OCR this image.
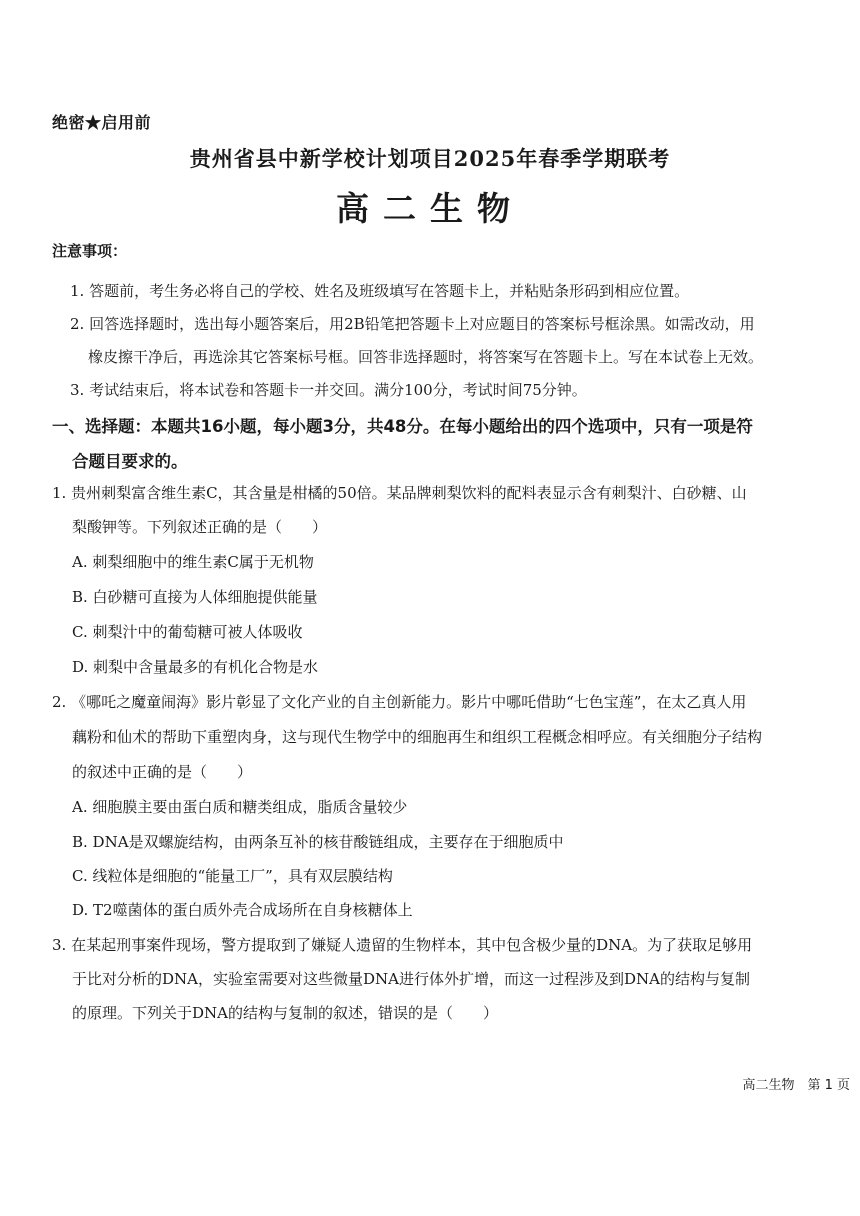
绝密★启用前
贵州省县中新学校计划项目2025年春季学期联考
高二生物
注意事项：
1. 答题前，考生务必将自己的学校、姓名及班级填写在答题卡上，并粘贴条形码到相应位置。
2. 回答选择题时，选出每小题答案后，用2B铅笔把答题卡上对应题目的答案标号框涂黑。如需改动，用
橡皮擦干净后，再选涂其它答案标号框。回答非选择题时，将答案写在答题卡上。写在本试卷上无效。
3. 考试结束后，将本试卷和答题卡一并交回。满分100分，考试时间75分钟。
一、选择题：本题共16小题，每小题3分，共48分。在每小题给出的四个选项中，只有一项是符
合题目要求的。
1. 贵州刺梨富含维生素C，其含量是柑橘的50倍。某品牌刺梨饮料的配料表显示含有刺梨汁、白砂糖、山
梨酸钾等。下列叙述正确的是（　　）
A. 刺梨细胞中的维生素C属于无机物
B. 白砂糖可直接为人体细胞提供能量
C. 刺梨汁中的葡萄糖可被人体吸收
D. 刺梨中含量最多的有机化合物是水
2. 《哪吒之魔童闹海》影片彰显了文化产业的自主创新能力。影片中哪吒借助“七色宝莲”，在太乙真人用
藕粉和仙术的帮助下重塑肉身，这与现代生物学中的细胞再生和组织工程概念相呼应。有关细胞分子结构
的叙述中正确的是（　　）
A. 细胞膜主要由蛋白质和糖类组成，脂质含量较少
B. DNA是双螺旋结构，由两条互补的核苷酸链组成，主要存在于细胞质中
C. 线粒体是细胞的“能量工厂”，具有双层膜结构
D. T2噬菌体的蛋白质外壳合成场所在自身核糖体上
3. 在某起刑事案件现场，警方提取到了嫌疑人遗留的生物样本，其中包含极少量的DNA。为了获取足够用
于比对分析的DNA，实验室需要对这些微量DNA进行体外扩增，而这一过程涉及到DNA的结构与复制
的原理。下列关于DNA的结构与复制的叙述，错误的是（　　）
高二生物　第 1 页
